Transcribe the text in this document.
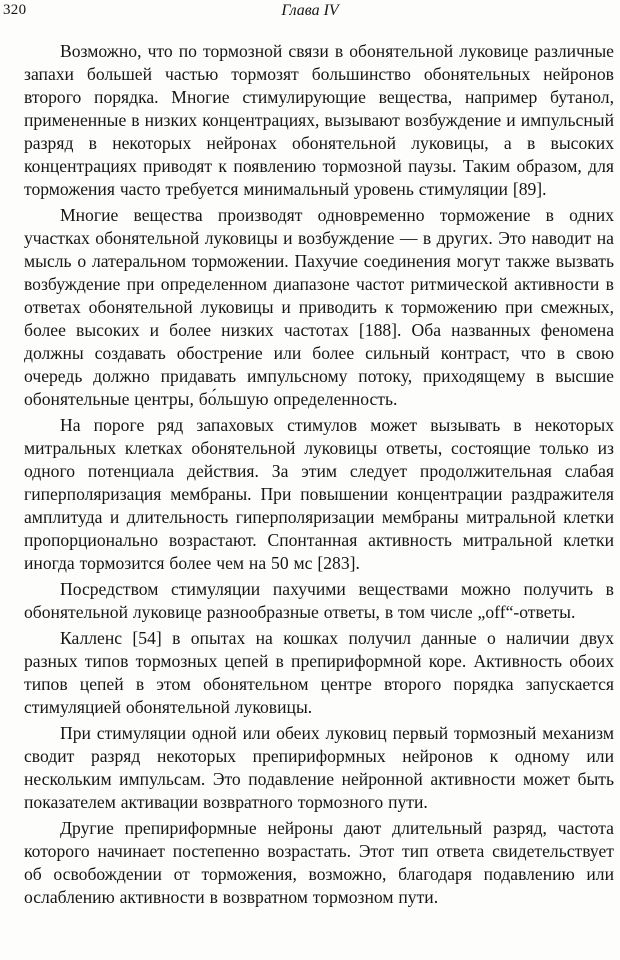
320	Глава IV

Возможно, что по тормозной связи в обонятельной луковице различные запахи большей частью тормозят большинство обонятельных нейронов второго порядка. Многие стимулирующие вещества, например бутанол, примененные в низких концентрациях, вызывают возбуждение и импульсный разряд в некоторых нейронах обонятельной луковицы, а в высоких концентрациях приводят к появлению тормозной паузы. Таким образом, для торможения часто требуется минимальный уровень стимуляции [89].

Многие вещества производят одновременно торможение в одних участках обонятельной луковицы и возбуждение — в других. Это наводит на мысль о латеральном торможении. Пахучие соединения могут также вызвать возбуждение при определенном диапазоне частот ритмической активности в ответах обонятельной луковицы и приводить к торможению при смежных, более высоких и более низких частотах [188]. Оба названных феномена должны создавать обострение или более сильный контраст, что в свою очередь должно придавать импульсному потоку, приходящему в высшие обонятельные центры, бо́льшую определенность.

На пороге ряд запаховых стимулов может вызывать в некоторых митральных клетках обонятельной луковицы ответы, состоящие только из одного потенциала действия. За этим следует продолжительная слабая гиперполяризация мембраны. При повышении концентрации раздражителя амплитуда и длительность гиперполяризации мембраны митральной клетки пропорционально возрастают. Спонтанная активность митральной клетки иногда тормозится более чем на 50 мс [283].

Посредством стимуляции пахучими веществами можно получить в обонятельной луковице разнообразные ответы, в том числе „off“-ответы.

Калленс [54] в опытах на кошках получил данные о наличии двух разных типов тормозных цепей в препириформной коре. Активность обоих типов цепей в этом обонятельном центре второго порядка запускается стимуляцией обонятельной луковицы.

При стимуляции одной или обеих луковиц первый тормозный механизм сводит разряд некоторых препириформных нейронов к одному или нескольким импульсам. Это подавление нейронной активности может быть показателем активации возвратного тормозного пути.

Другие препириформные нейроны дают длительный разряд, частота которого начинает постепенно возрастать. Этот тип ответа свидетельствует об освобождении от торможения, возможно, благодаря подавлению или ослаблению активности в возвратном тормозном пути.
